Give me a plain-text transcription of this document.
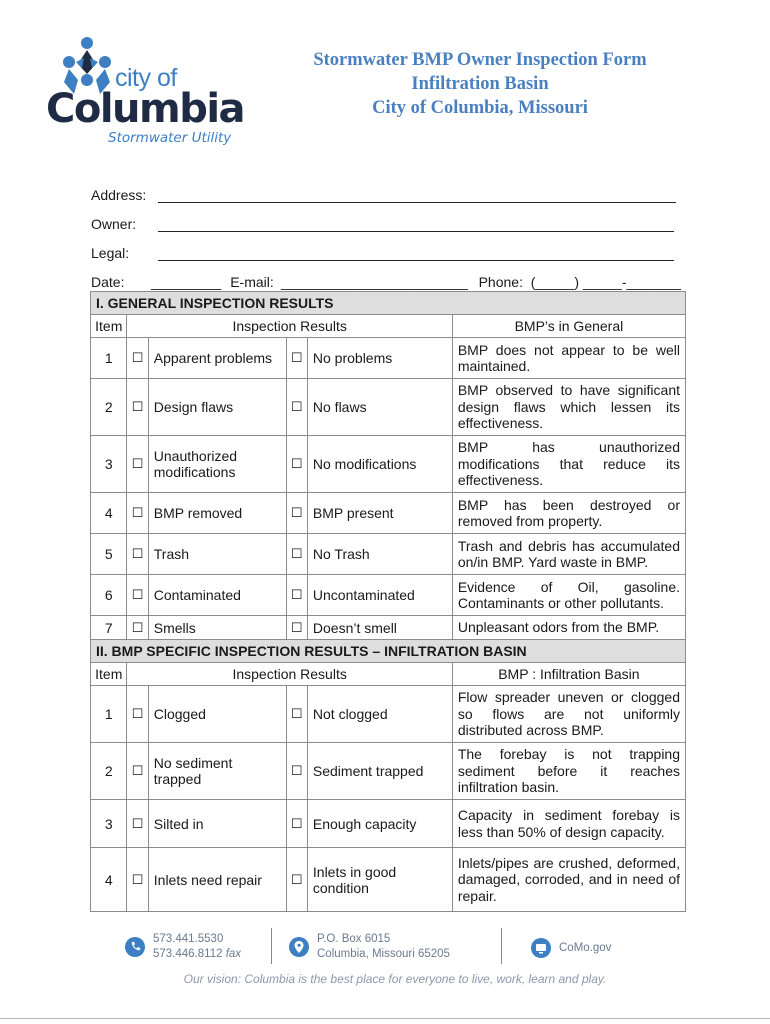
city of
Columbia
Stormwater Utility
Stormwater BMP Owner Inspection Form
Infiltration Basin
City of Columbia, Missouri
Address:
Owner:
Legal:
Date:	_________ E-mail: ________________________ Phone:  (_____) _____-_______
I. GENERAL INSPECTION RESULTS					
Item	Inspection Results				BMP’s in General
1	☐	Apparent problems	☐	No problems	BMP does not appear to be well maintained.
2	☐	Design flaws	☐	No flaws	BMP observed to have significant design flaws which lessen its effectiveness.
3	☐	Unauthorized modifications	☐	No modifications	BMP has unauthorized modifications that reduce its effectiveness.
4	☐	BMP removed	☐	BMP present	BMP has been destroyed or removed from property.
5	☐	Trash	☐	No Trash	Trash and debris has accumulated on/in BMP. Yard waste in BMP.
6	☐	Contaminated	☐	Uncontaminated	Evidence of Oil, gasoline. Contaminants or other pollutants.
7	☐	Smells	☐	Doesn’t smell	Unpleasant odors from the BMP.
II. BMP SPECIFIC INSPECTION RESULTS – INFILTRATION BASIN					
Item	Inspection Results				BMP : Infiltration Basin
1	☐	Clogged	☐	Not clogged	Flow spreader uneven or clogged so flows are not uniformly distributed across BMP.
2	☐	No sediment trapped	☐	Sediment trapped	The forebay is not trapping sediment before it reaches infiltration basin.
3	☐	Silted in	☐	Enough capacity	Capacity in sediment forebay is less than 50% of design capacity.
4	☐	Inlets need repair	☐	Inlets in good condition	Inlets/pipes are crushed, deformed, damaged, corroded, and in need of repair.
573.441.5530
573.446.8112 fax
P.O. Box 6015
Columbia, Missouri 65205	CoMo.gov
Our vision: Columbia is the best place for everyone to live, work, learn and play.
